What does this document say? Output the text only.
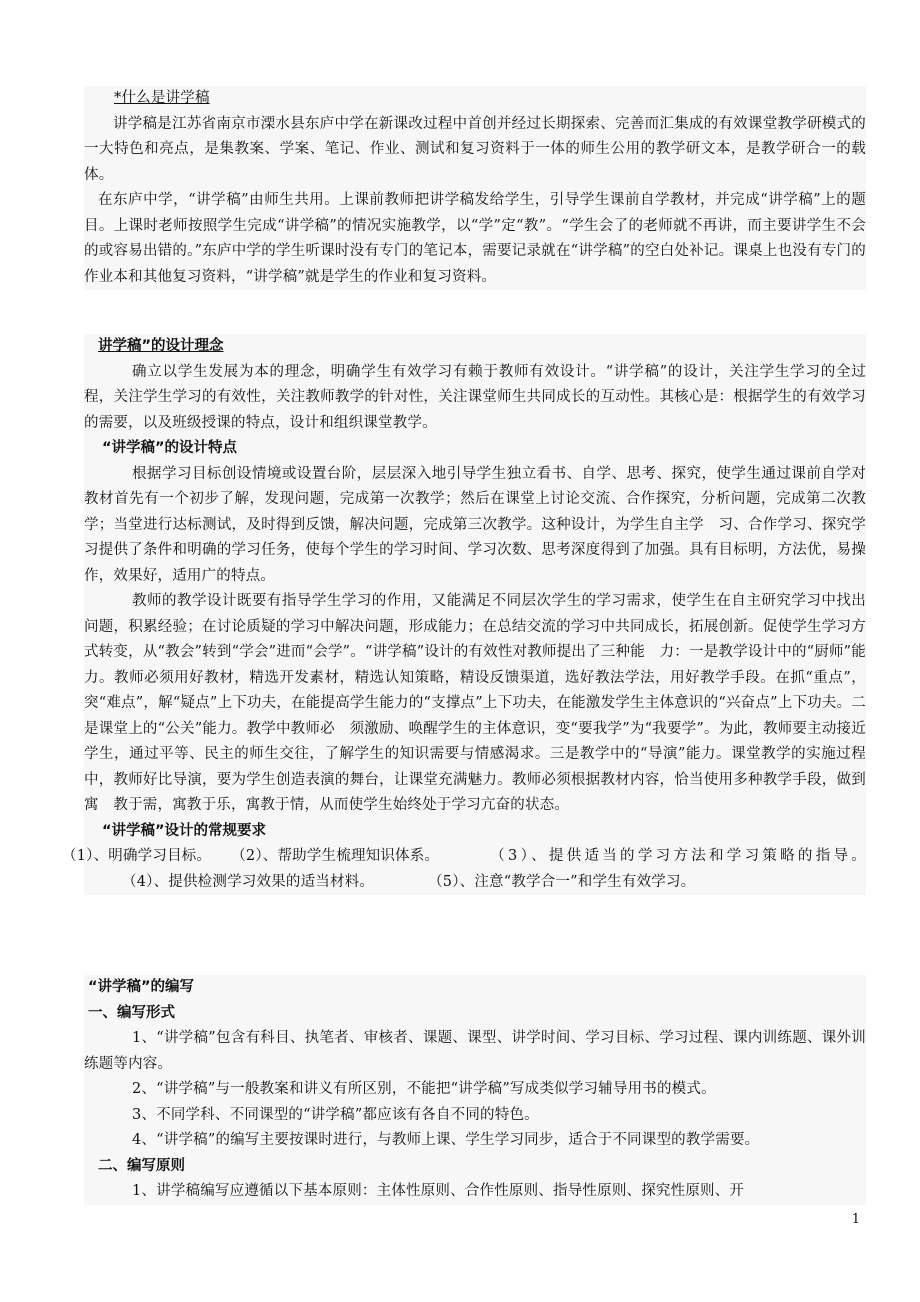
*什么是讲学稿

讲学稿是江苏省南京市溧水县东庐中学在新课改过程中首创并经过长期探索、完善而汇集成的有效课堂教学研模式的一大特色和亮点，是集教案、学案、笔记、作业、测试和复习资料于一体的师生公用的教学研文本，是教学研合一的载体。

在东庐中学，“讲学稿”由师生共用。上课前教师把讲学稿发给学生，引导学生课前自学教材，并完成“讲学稿”上的题目。上课时老师按照学生完成“讲学稿”的情况实施教学，以“学”定“教”。“学生会了的老师就不再讲，而主要讲学生不会的或容易出错的。”东庐中学的学生听课时没有专门的笔记本，需要记录就在“讲学稿”的空白处补记。课桌上也没有专门的作业本和其他复习资料，“讲学稿”就是学生的作业和复习资料。

讲学稿”的设计理念

确立以学生发展为本的理念，明确学生有效学习有赖于教师有效设计。“讲学稿”的设计，关注学生学习的全过程，关注学生学习的有效性，关注教师教学的针对性，关注课堂师生共同成长的互动性。其核心是：根据学生的有效学习的需要，以及班级授课的特点，设计和组织课堂教学。

“讲学稿”的设计特点

根据学习目标创设情境或设置台阶，层层深入地引导学生独立看书、自学、思考、探究，使学生通过课前自学对教材首先有一个初步了解，发现问题，完成第一次教学；然后在课堂上讨论交流、合作探究，分析问题，完成第二次教学；当堂进行达标测试，及时得到反馈，解决问题，完成第三次教学。这种设计，为学生自主学　习、合作学习、探究学习提供了条件和明确的学习任务，使每个学生的学习时间、学习次数、思考深度得到了加强。具有目标明，方法优，易操作，效果好，适用广的特点。

教师的教学设计既要有指导学生学习的作用，又能满足不同层次学生的学习需求，使学生在自主研究学习中找出问题，积累经验；在讨论质疑的学习中解决问题，形成能力；在总结交流的学习中共同成长，拓展创新。促使学生学习方式转变，从“教会”转到“学会”进而“会学”。“讲学稿”设计的有效性对教师提出了三种能　力：一是教学设计中的“厨师”能力。教师必须用好教材，精选开发素材，精选认知策略，精设反馈渠道，选好教法学法，用好教学手段。在抓“重点”，突“难点”，解“疑点”上下功夫，在能提高学生能力的“支撑点”上下功夫，在能激发学生主体意识的“兴奋点”上下功夫。二是课堂上的“公关”能力。教学中教师必　须激励、唤醒学生的主体意识，变“要我学”为“我要学”。为此，教师要主动接近学生，通过平等、民主的师生交往，了解学生的知识需要与情感渴求。三是教学中的“导演”能力。课堂教学的实施过程中，教师好比导演，要为学生创造表演的舞台，让课堂充满魅力。教师必须根据教材内容，恰当使用多种教学手段，做到寓　教于需，寓教于乐，寓教于情，从而使学生始终处于学习亢奋的状态。

“讲学稿”设计的常规要求

（1）、明确学习目标。 （2）、帮助学生梳理知识体系。	（3）、提供适当的学习方法和学习策略的指导。（4）、提供检测学习效果的适当材料。	（5）、注意“教学合一”和学生有效学习。

“讲学稿”的编写

一、编写形式

1、“讲学稿”包含有科目、执笔者、审核者、课题、课型、讲学时间、学习目标、学习过程、课内训练题、课外训练题等内容。

2、“讲学稿”与一般教案和讲义有所区别，不能把“讲学稿”写成类似学习辅导用书的模式。

3、不同学科、不同课型的“讲学稿”都应该有各自不同的特色。

4、“讲学稿”的编写主要按课时进行，与教师上课、学生学习同步，适合于不同课型的教学需要。

二、编写原则

1、讲学稿编写应遵循以下基本原则：主体性原则、合作性原则、指导性原则、探究性原则、开

1
